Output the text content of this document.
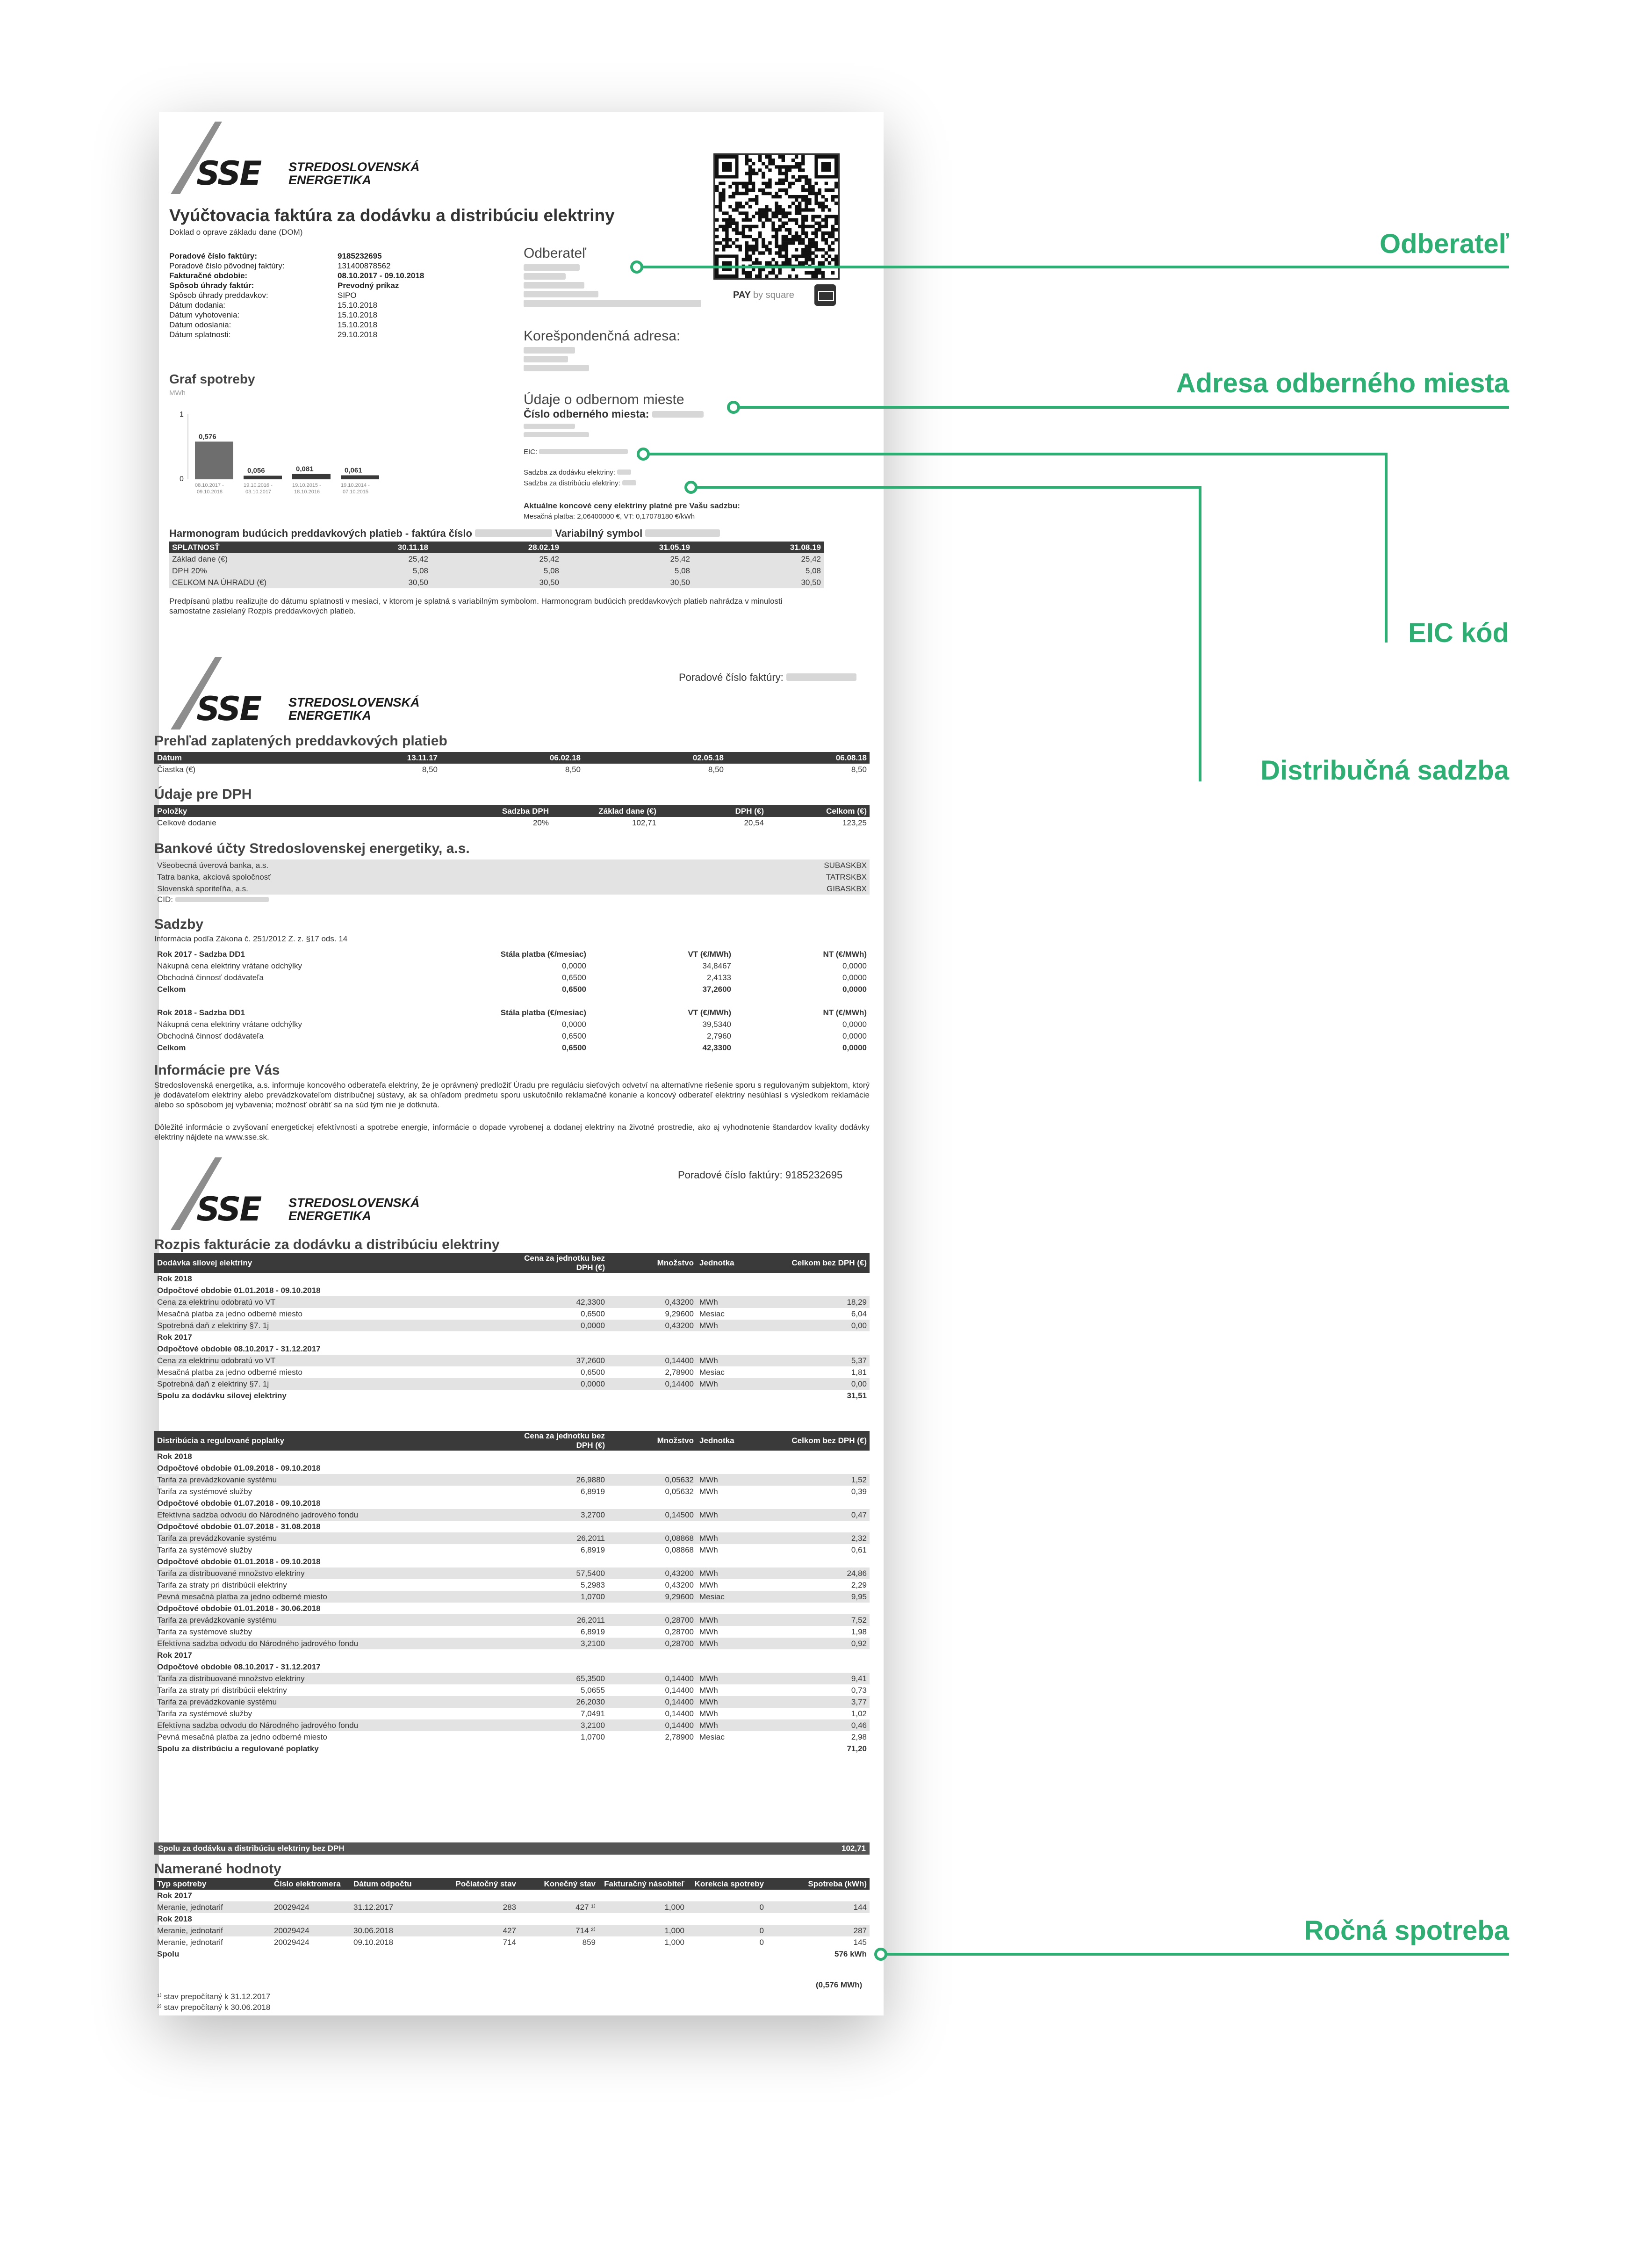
SSE STREDOSLOVENSKÁ
ENERGETIKA
Vyúčtovacia faktúra za dodávku a distribúciu elektriny
Doklad o oprave základu dane (DOM)
Poradové číslo faktúry:	9185232695
Poradové číslo pôvodnej faktúry:	131400878562
Fakturačné obdobie:	08.10.2017 - 09.10.2018
Spôsob úhrady faktúr:	Prevodný príkaz
Spôsob úhrady preddavkov:	SIPO
Dátum dodania:	15.10.2018
Dátum vyhotovenia:	15.10.2018
Dátum odoslania:	15.10.2018
Dátum splatnosti:	29.10.2018
PAY by square
Odberateľ

Korešpondenčná adresa:

Údaje o odbernom mieste
Číslo odberného miesta:

EIC:
Sadzba za dodávku elektriny:
Sadzba za distribúciu elektriny:
Aktuálne koncové ceny elektriny platné pre Vašu sadzbu:
Mesačná platba: 2,06400000 €, VT: 0,17078180 €/kWh
Graf spotreby
MWh
1
0
0,576
08.10.2017 -
09.10.2018
0,056
19.10.2016 -
03.10.2017
0,081
19.10.2015 -
18.10.2016
0,061
19.10.2014 -
07.10.2015
Harmonogram budúcich preddavkových platieb - faktúra číslo	Variabilný symbol
SPLATNOSŤ	30.11.18	28.02.19	31.05.19	31.08.19
Základ dane (€)	25,42	25,42	25,42	25,42
DPH 20%	5,08	5,08	5,08	5,08
CELKOM NA ÚHRADU (€)	30,50	30,50	30,50	30,50
Predpísanú platbu realizujte do dátumu splatnosti v mesiaci, v ktorom je splatná s variabilným symbolom. Harmonogram budúcich preddavkových platieb nahrádza v minulosti samostatne zasielaný Rozpis preddavkových platieb.
SSE STREDOSLOVENSKÁ
ENERGETIKA
Poradové číslo faktúry:
Prehľad zaplatených preddavkových platieb
Dátum	13.11.17	06.02.18	02.05.18	06.08.18
Čiastka (€)	8,50	8,50	8,50	8,50
Údaje pre DPH
Položky	Sadzba DPH	Základ dane (€)	DPH (€)	Celkom (€)
Celkové dodanie	20%	102,71	20,54	123,25
Bankové účty Stredoslovenskej energetiky, a.s.
Všeobecná úverová banka, a.s.	SUBASKBX
Tatra banka, akciová spoločnosť	TATRSKBX
Slovenská sporiteľňa, a.s.	GIBASKBX
CID:
Sadzby
Informácia podľa Zákona č. 251/2012 Z. z. §17 ods. 14
Rok 2017 - Sadzba DD1	Stála platba (€/mesiac)	VT (€/MWh)	NT (€/MWh)
Nákupná cena elektriny vrátane odchýlky	0,0000	34,8467	0,0000
Obchodná činnosť dodávateľa	0,6500	2,4133	0,0000
Celkom	0,6500	37,2600	0,0000

Rok 2018 - Sadzba DD1	Stála platba (€/mesiac)	VT (€/MWh)	NT (€/MWh)
Nákupná cena elektriny vrátane odchýlky	0,0000	39,5340	0,0000
Obchodná činnosť dodávateľa	0,6500	2,7960	0,0000
Celkom	0,6500	42,3300	0,0000
Informácie pre Vás
Stredoslovenská energetika, a.s. informuje koncového odberateľa elektriny, že je oprávnený predložiť Úradu pre reguláciu sieťových odvetví na alternatívne riešenie sporu s regulovaným subjektom, ktorý je dodávateľom elektriny alebo prevádzkovateľom distribučnej sústavy, ak sa ohľadom predmetu sporu uskutočnilo reklamačné konanie a koncový odberateľ elektriny nesúhlasí s výsledkom reklamácie alebo so spôsobom jej vybavenia; možnosť obrátiť sa na súd tým nie je dotknutá.
Dôležité informácie o zvyšovaní energetickej efektívnosti a spotrebe energie, informácie o dopade vyrobenej a dodanej elektriny na životné prostredie, ako aj vyhodnotenie štandardov kvality dodávky elektriny nájdete na www.sse.sk.
SSE STREDOSLOVENSKÁ
ENERGETIKA
Poradové číslo faktúry: 9185232695
Rozpis fakturácie za dodávku a distribúciu elektriny
Dodávka silovej elektriny	Cena za jednotku bez DPH (€)	Množstvo	Jednotka	Celkom bez DPH (€)
Rok 2018				
Odpočtové obdobie 01.01.2018 - 09.10.2018				
Cena za elektrinu odobratú vo VT	42,3300	0,43200	MWh	18,29
Mesačná platba za jedno odberné miesto	0,6500	9,29600	Mesiac	6,04
Spotrebná daň z elektriny §7. 1j	0,0000	0,43200	MWh	0,00
Rok 2017				
Odpočtové obdobie 08.10.2017 - 31.12.2017				
Cena za elektrinu odobratú vo VT	37,2600	0,14400	MWh	5,37
Mesačná platba za jedno odberné miesto	0,6500	2,78900	Mesiac	1,81
Spotrebná daň z elektriny §7. 1j	0,0000	0,14400	MWh	0,00
Spolu za dodávku silovej elektriny				31,51
Distribúcia a regulované poplatky	Cena za jednotku bez DPH (€)	Množstvo	Jednotka	Celkom bez DPH (€)
Rok 2018				
Odpočtové obdobie 01.09.2018 - 09.10.2018				
Tarifa za prevádzkovanie systému	26,9880	0,05632	MWh	1,52
Tarifa za systémové služby	6,8919	0,05632	MWh	0,39
Odpočtové obdobie 01.07.2018 - 09.10.2018				
Efektívna sadzba odvodu do Národného jadrového fondu	3,2700	0,14500	MWh	0,47
Odpočtové obdobie 01.07.2018 - 31.08.2018				
Tarifa za prevádzkovanie systému	26,2011	0,08868	MWh	2,32
Tarifa za systémové služby	6,8919	0,08868	MWh	0,61
Odpočtové obdobie 01.01.2018 - 09.10.2018				
Tarifa za distribuované množstvo elektriny	57,5400	0,43200	MWh	24,86
Tarifa za straty pri distribúcii elektriny	5,2983	0,43200	MWh	2,29
Pevná mesačná platba za jedno odberné miesto	1,0700	9,29600	Mesiac	9,95
Odpočtové obdobie 01.01.2018 - 30.06.2018				
Tarifa za prevádzkovanie systému	26,2011	0,28700	MWh	7,52
Tarifa za systémové služby	6,8919	0,28700	MWh	1,98
Efektívna sadzba odvodu do Národného jadrového fondu	3,2100	0,28700	MWh	0,92
Rok 2017				
Odpočtové obdobie 08.10.2017 - 31.12.2017				
Tarifa za distribuované množstvo elektriny	65,3500	0,14400	MWh	9,41
Tarifa za straty pri distribúcii elektriny	5,0655	0,14400	MWh	0,73
Tarifa za prevádzkovanie systému	26,2030	0,14400	MWh	3,77
Tarifa za systémové služby	7,0491	0,14400	MWh	1,02
Efektívna sadzba odvodu do Národného jadrového fondu	3,2100	0,14400	MWh	0,46
Pevná mesačná platba za jedno odberné miesto	1,0700	2,78900	Mesiac	2,98
Spolu za distribúciu a regulované poplatky				71,20
Spolu za dodávku a distribúciu elektriny bez DPH	102,71
Namerané hodnoty
Typ spotreby	Číslo elektromera	Dátum odpočtu	Počiatočný stav	Konečný stav	Fakturačný násobiteľ	Korekcia spotreby	Spotreba (kWh)
Rok 2017							
Meranie, jednotarif	20029424	31.12.2017	283	427 ¹⁾	1,000	0	144
Rok 2018							
Meranie, jednotarif	20029424	30.06.2018	427	714 ²⁾	1,000	0	287
Meranie, jednotarif	20029424	09.10.2018	714	859	1,000	0	145
Spolu							576 kWh
(0,576 MWh)
¹⁾ stav prepočítaný k 31.12.2017
²⁾ stav prepočítaný k 30.06.2018
Odberateľ
Adresa odberného miesta
EIC kód
Distribučná sadzba
Ročná spotreba
